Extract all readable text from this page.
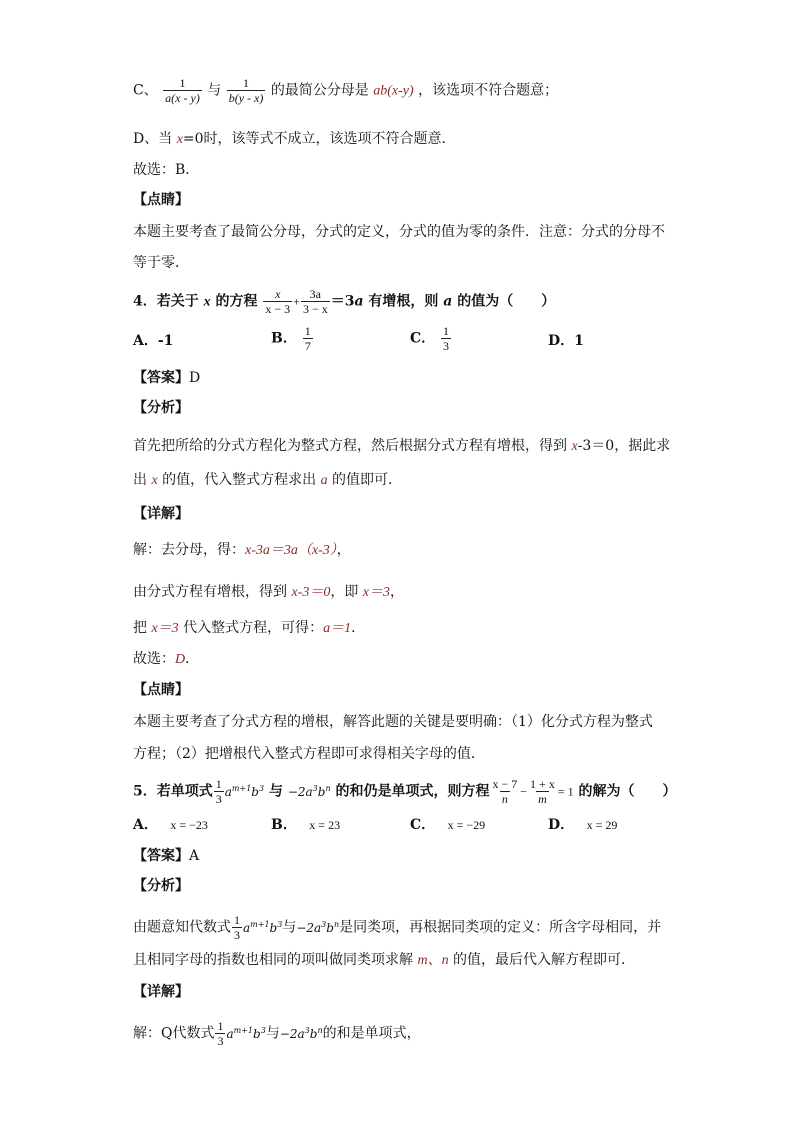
C、 $\frac{1}{a(x - y)}$ 与 $\frac{1}{b(y - x)}$ 的最简公分母是 ab(x-y) ，该选项不符合题意；
D、当 x=0时，该等式不成立，该选项不符合题意．
故选：B．
【点睛】
本题主要考查了最简公分母，分式的定义，分式的值为零的条件．注意：分式的分母不
等于零．
4．若关于 x 的方程 $\frac{x}{x - 3} + \frac{3a}{3 - x} =3a$ 有增根，则 a 的值为（　　）
A．-1	B． $\frac{1}{7}$	C． $\frac{1}{3}$	D．1
【答案】D
【分析】
首先把所给的分式方程化为整式方程，然后根据分式方程有增根，得到 x-3＝0，据此求
出 x 的值，代入整式方程求出 a 的值即可．
【详解】
解：去分母，得：x-3a＝3a（x-3），
由分式方程有增根，得到 x-3＝0，即 x＝3，
把 x＝3 代入整式方程，可得：a＝1．
故选：D．
【点睛】
本题主要考查了分式方程的增根，解答此题的关键是要明确：（1）化分式方程为整式
方程；（2）把增根代入整式方程即可求得相关字母的值．
5．若单项式 $\frac{1}{3} a^{m+1}b^3$ 与 $-2a^3b^n$ 的和仍是单项式，则方程 $\frac{x - 7}{n} - \frac{1 + x}{m} = 1$ 的解为（　　）
A． x = −23	B． x = 23	C． x = −29	D． x = 29
【答案】A
【分析】
由题意知代数式 $\frac{1}{3} a^{m+1}b^3$与$-2a^3b^n$是同类项，再根据同类项的定义：所含字母相同，并
且相同字母的指数也相同的项叫做同类项求解 m、n 的值，最后代入解方程即可．
【详解】
解：Q代数式 $\frac{1}{3} a^{m+1}b^3$与$-2a^3b^n$的和是单项式，
